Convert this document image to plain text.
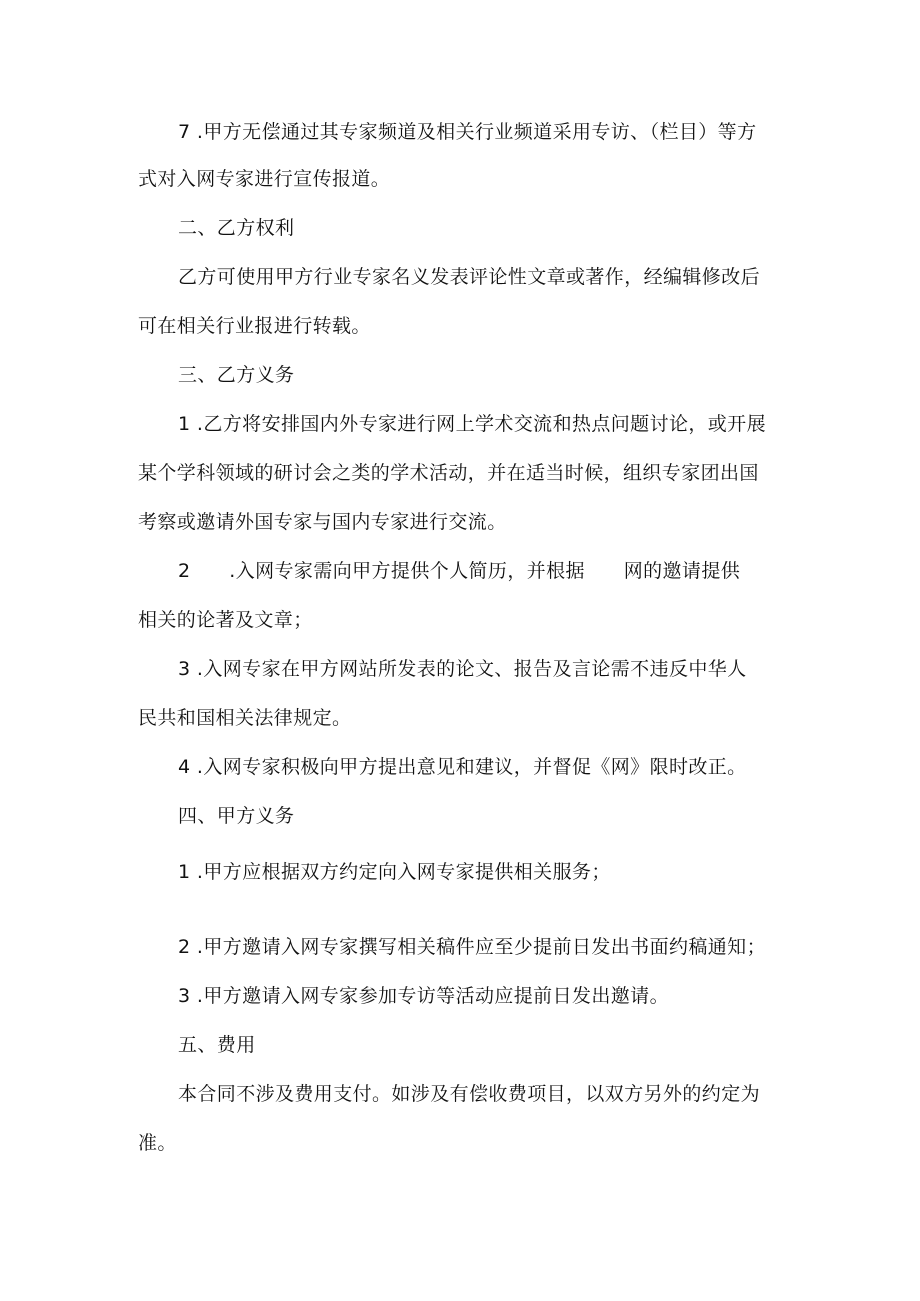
7 .甲方无偿通过其专家频道及相关行业频道采用专访、（栏目）等方
式对入网专家进行宣传报道。
二、乙方权利
乙方可使用甲方行业专家名义发表评论性文章或著作，经编辑修改后
可在相关行业报进行转载。
三、乙方义务
1 .乙方将安排国内外专家进行网上学术交流和热点问题讨论，或开展
某个学科领域的研讨会之类的学术活动，并在适当时候，组织专家团出国
考察或邀请外国专家与国内专家进行交流。
2　　.入网专家需向甲方提供个人简历，并根据　　网的邀请提供
相关的论著及文章；
3 .入网专家在甲方网站所发表的论文、报告及言论需不违反中华人
民共和国相关法律规定。
4 .入网专家积极向甲方提出意见和建议，并督促《网》限时改正。
四、甲方义务
1 .甲方应根据双方约定向入网专家提供相关服务；
2 .甲方邀请入网专家撰写相关稿件应至少提前日发出书面约稿通知；
3 .甲方邀请入网专家参加专访等活动应提前日发出邀请。
五、费用
本合同不涉及费用支付。如涉及有偿收费项目，以双方另外的约定为
准。
